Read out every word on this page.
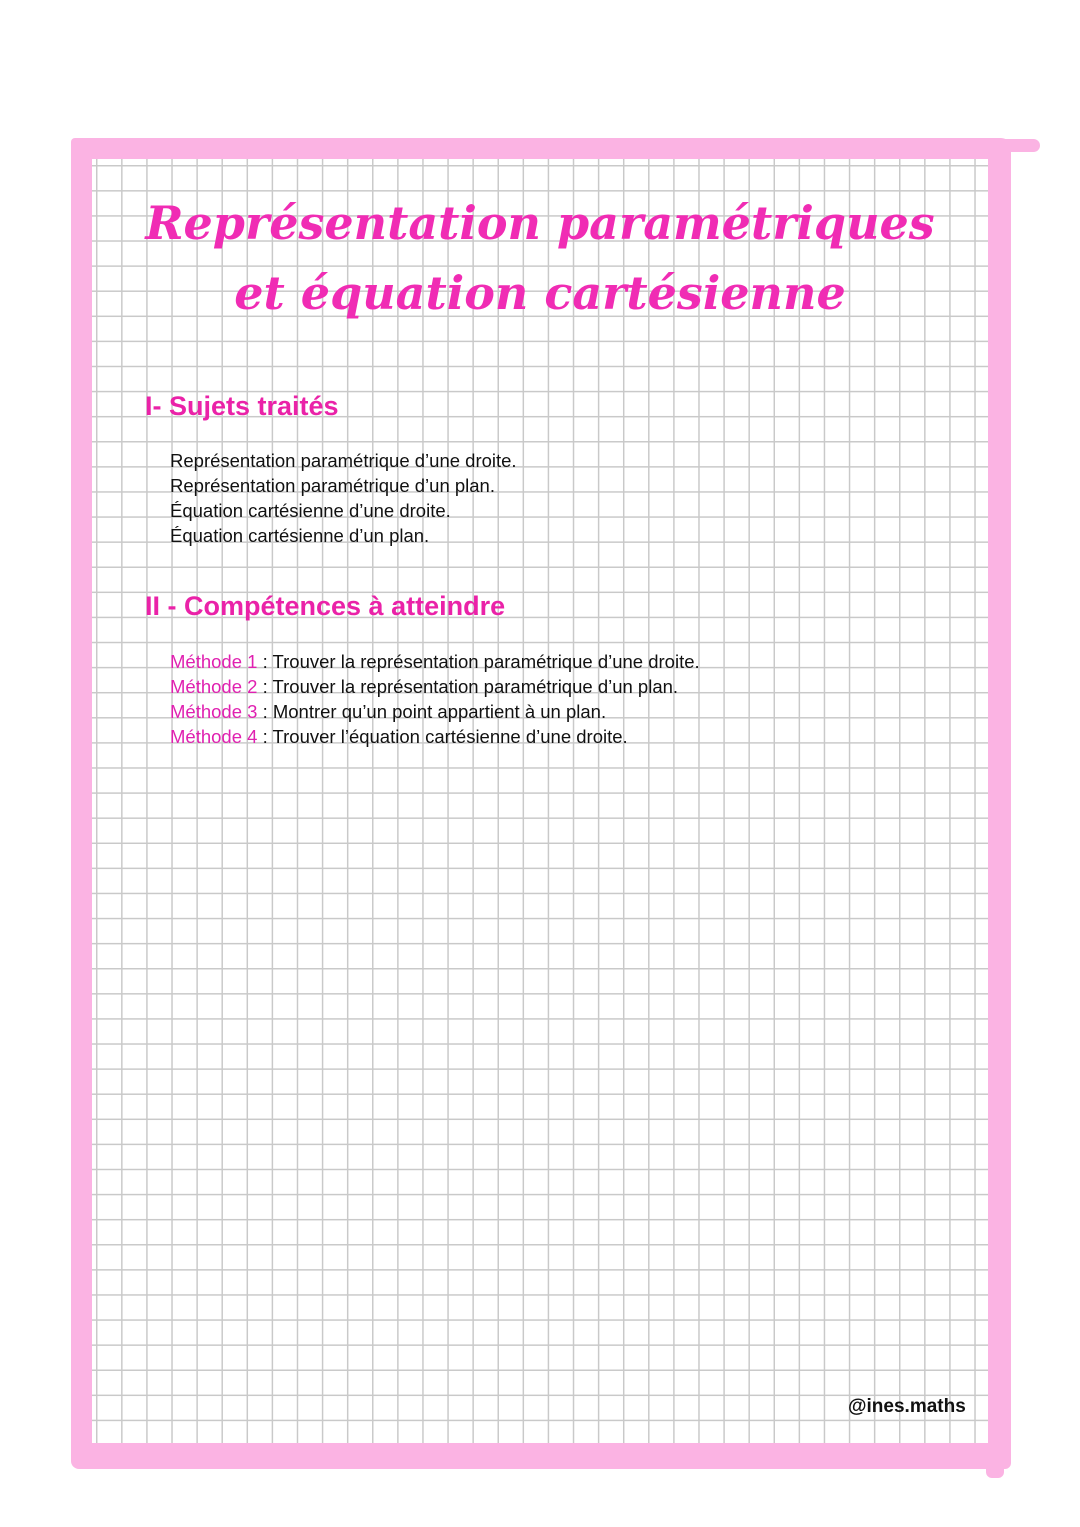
Représentation paramétriques
et équation cartésienne
I- Sujets traités
Représentation paramétrique d’une droite.
Représentation paramétrique d’un plan.
Équation cartésienne d’une droite.
Équation cartésienne d’un plan.
II - Compétences à atteindre
Méthode 1 : Trouver la représentation paramétrique d’une droite.
Méthode 2 : Trouver la représentation paramétrique d’un plan.
Méthode 3 : Montrer qu’un point appartient à un plan.
Méthode 4 : Trouver l’équation cartésienne d’une droite.
@ines.maths
